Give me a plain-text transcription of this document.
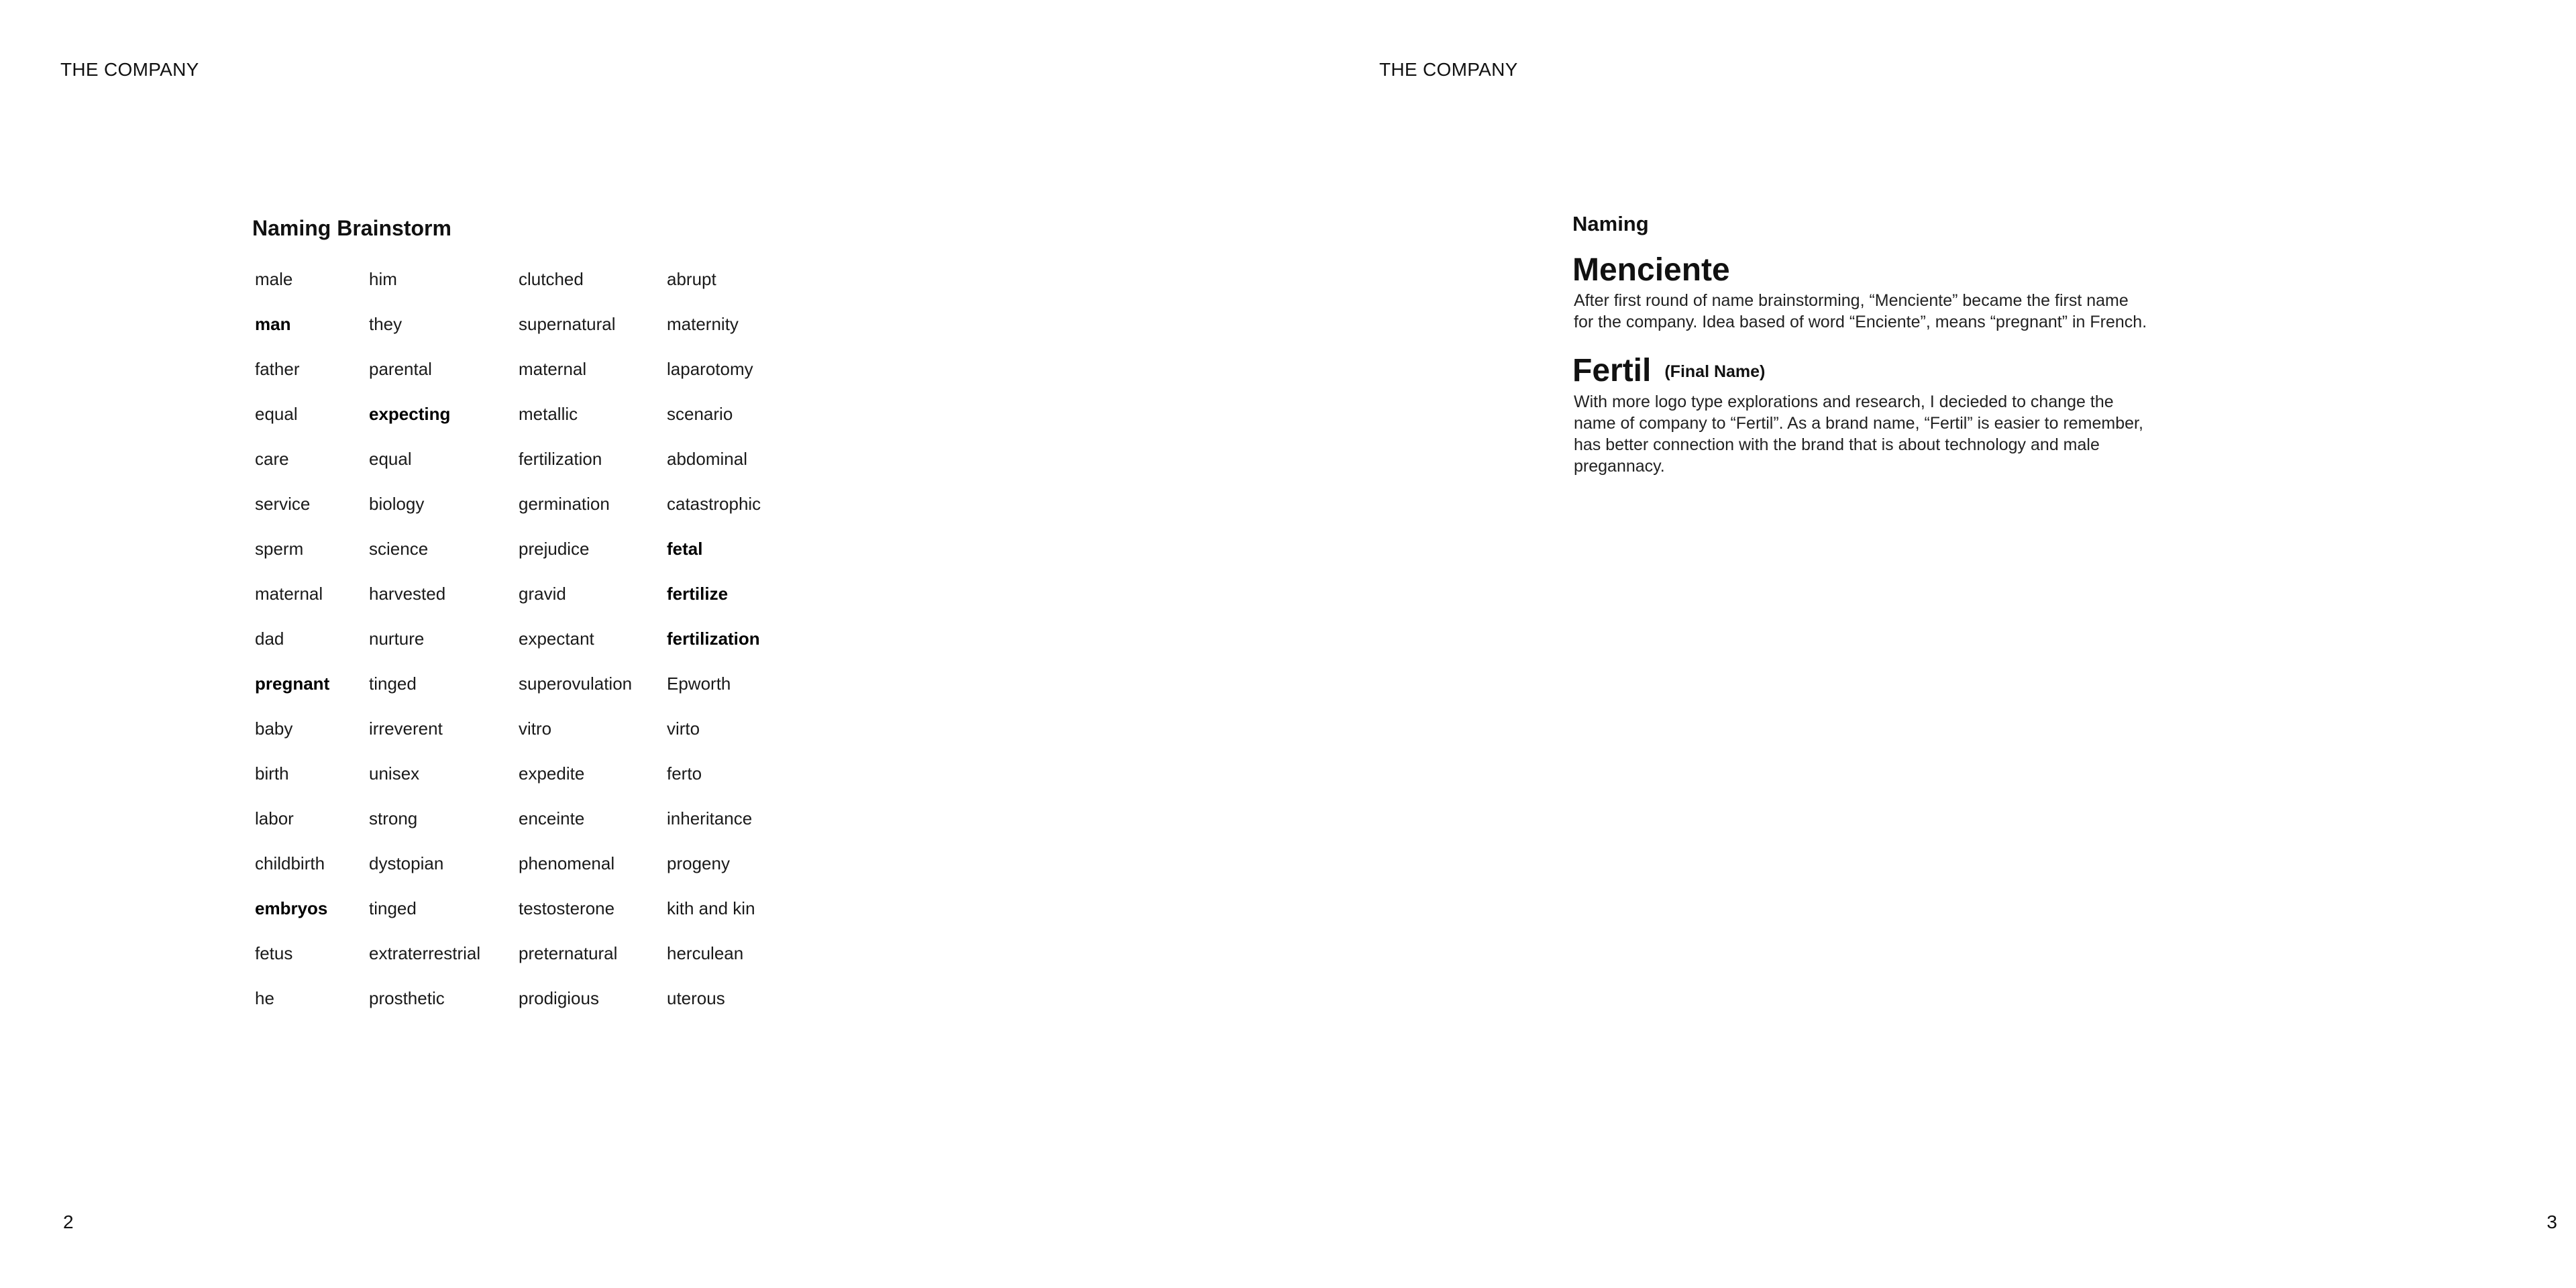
THE COMPANY
Naming Brainstorm
male
man
father
equal
care
service
sperm
maternal
dad
pregnant
baby
birth
labor
childbirth
embryos
fetus
he
him
they
parental
expecting
equal
biology
science
harvested
nurture
tinged
irreverent
unisex
strong
dystopian
tinged
extraterrestrial
prosthetic
clutched
supernatural
maternal
metallic
fertilization
germination
prejudice
gravid
expectant
superovulation
vitro
expedite
enceinte
phenomenal
testosterone
preternatural
prodigious
abrupt
maternity
laparotomy
scenario
abdominal
catastrophic
fetal
fertilize
fertilization
Epworth
virto
ferto
inheritance
progeny
kith and kin
herculean
uterous
2
THE COMPANY
Naming
Menciente
After first round of name brainstorming, “Menciente” became the first name for the company. Idea based of word “Enciente”, means “pregnant” in French.
Fertil (Final Name)
With more logo type explorations and research, I decieded to change the name of company to “Fertil”. As a brand name, “Fertil” is easier to remember, has better connection with the brand that is about technology and male pregannacy.
3
